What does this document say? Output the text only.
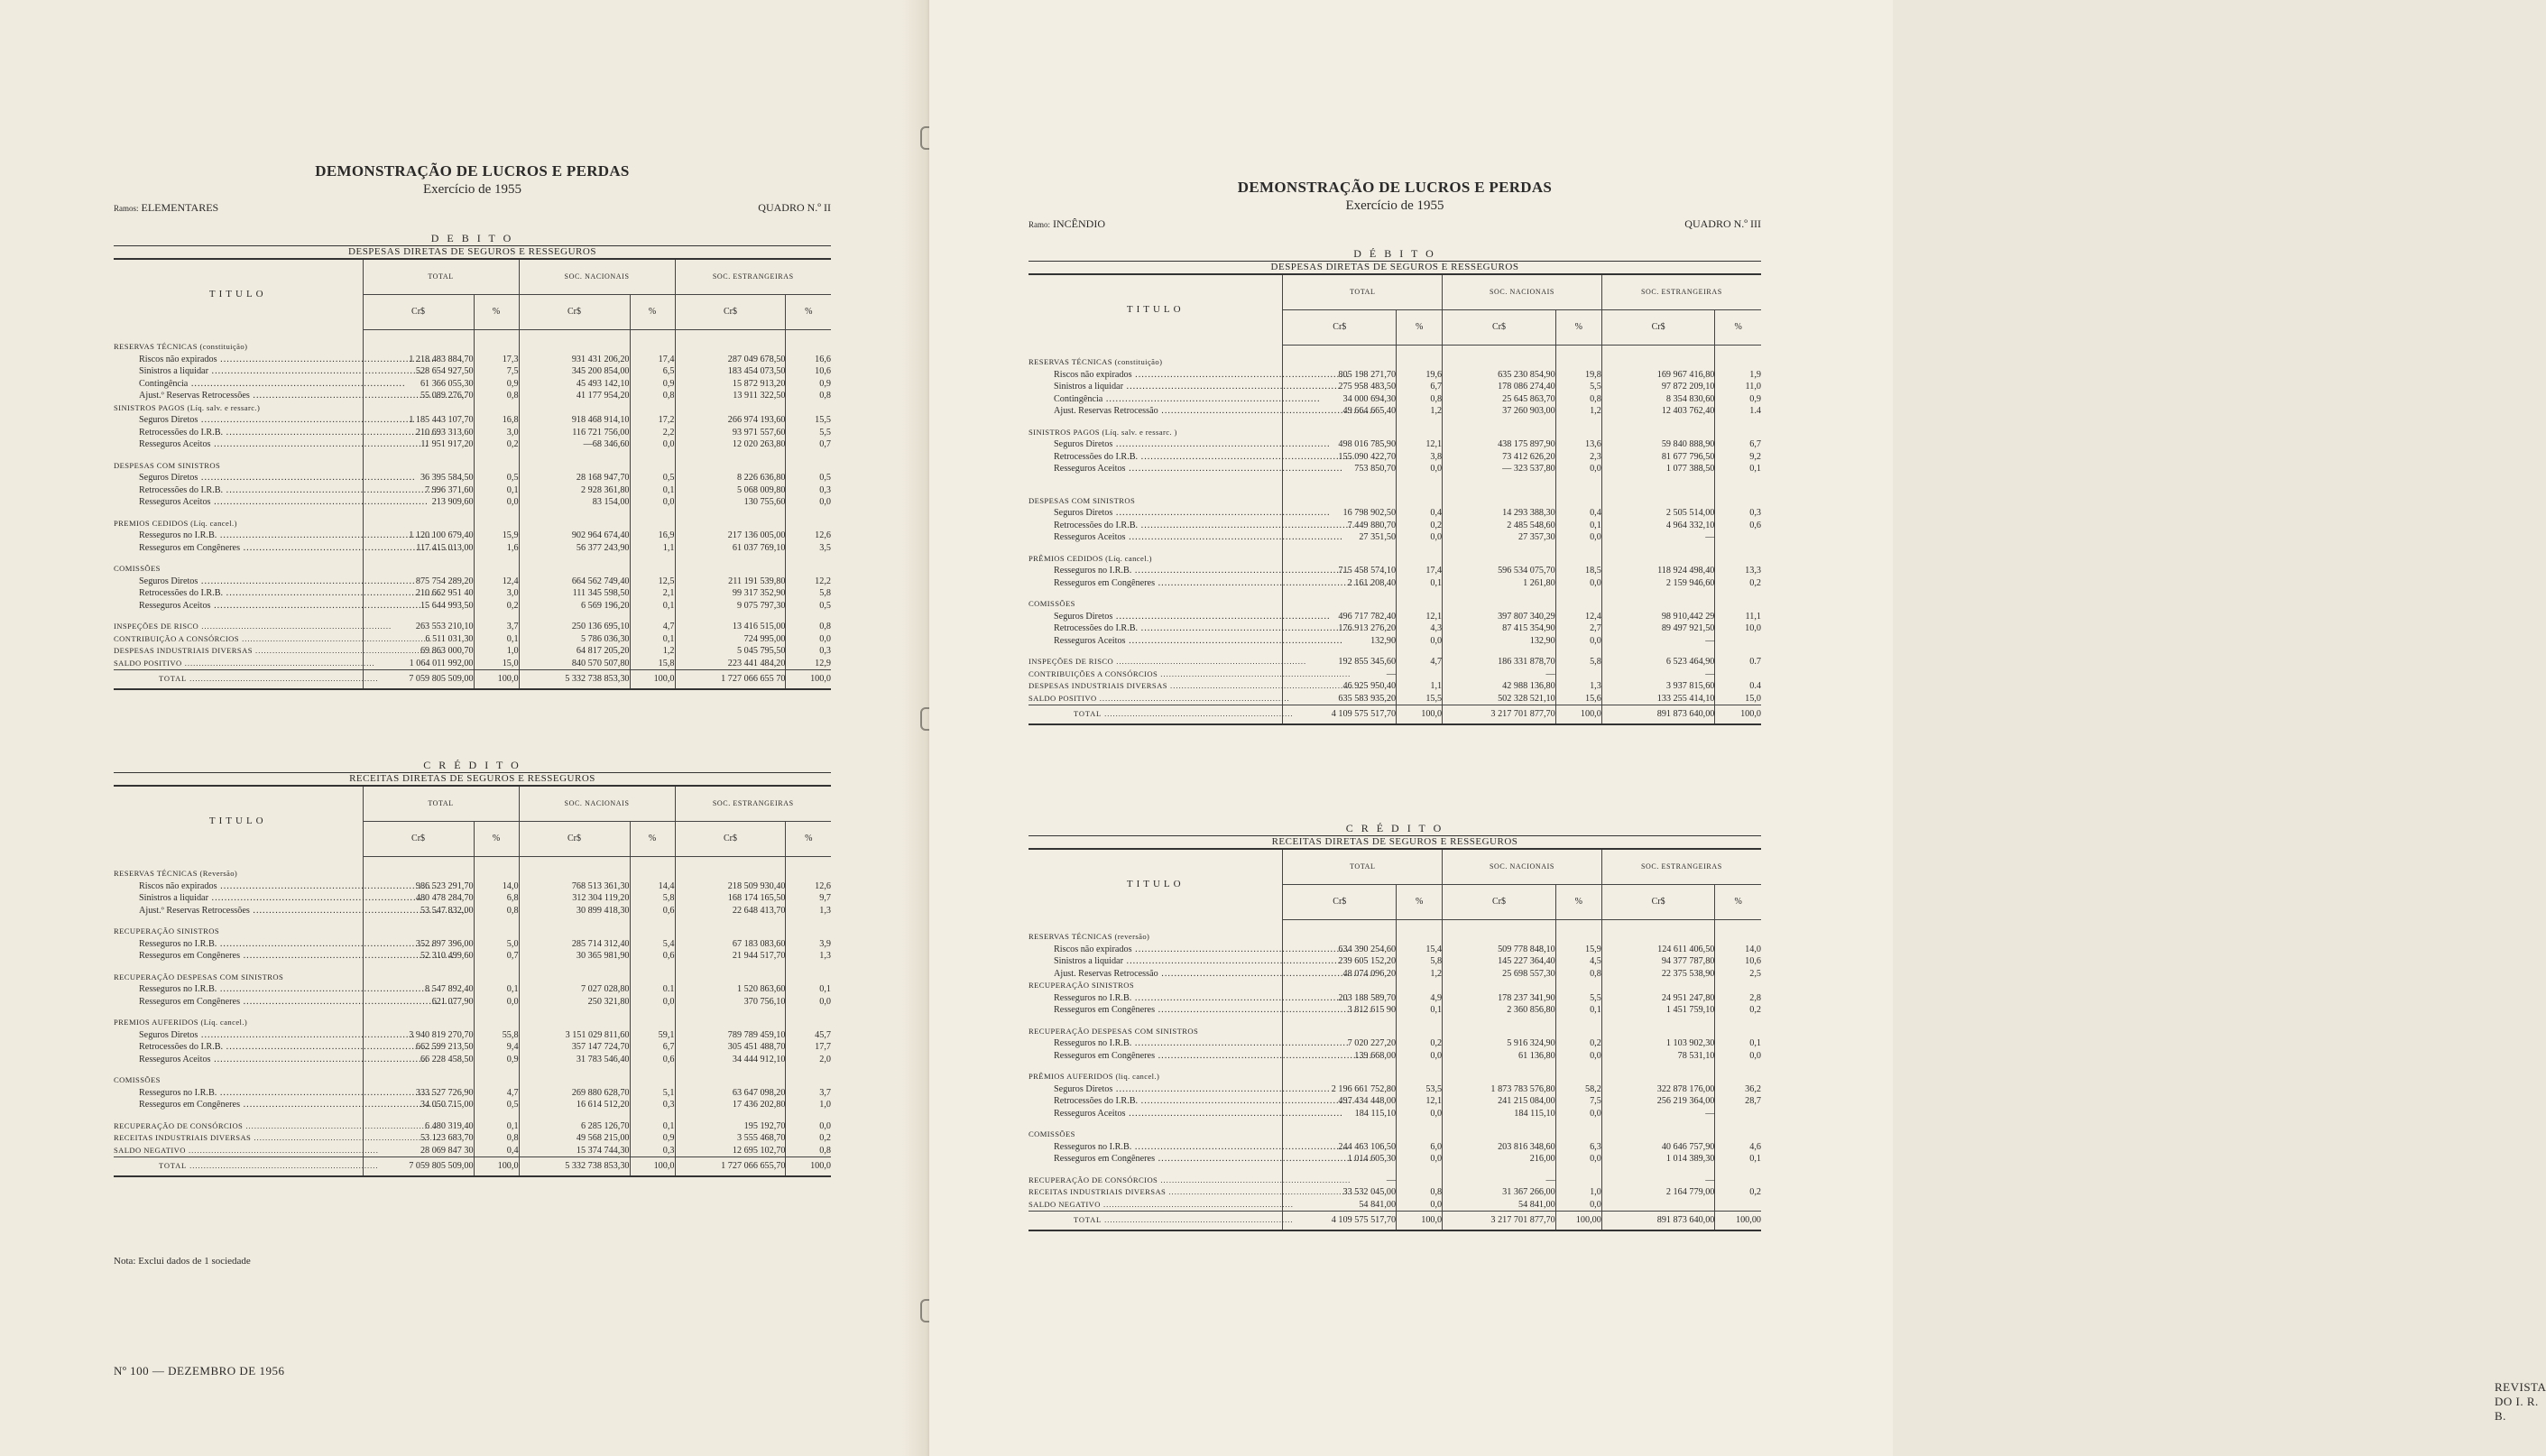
DEMONSTRAÇÃO DE LUCROS E PERDAS
Exercício de 1955
Ramos: ELEMENTARES	QUADRO N.º II
D E B I T O						
DESPESAS DIRETAS DE SEGUROS E RESSEGUROS						
TITULO	TOTAL		SOC. NACIONAIS		SOC. ESTRANGEIRAS	
	Cr$	%	Cr$	%	Cr$	%

RESERVAS TÉCNICAS (constituição)						
Riscos não expirados .....	1 218 483 884,70	17,3	931 431 206,20	17,4	287 049 678,50	16,6
Sinistros a liquidar .....	528 654 927,50	7,5	345 200 854,00	6,5	183 454 073,50	10,6
Contingência .....	61 366 055,30	0,9	45 493 142,10	0,9	15 872 913,20	0,9
Ajust.º Reservas Retrocessões .....	55 089 276,70	0,8	41 177 954,20	0,8	13 911 322,50	0,8
SINISTROS PAGOS (Líq. salv. e ressarc.)						
Seguros Diretos .....	1 185 443 107,70	16,8	918 468 914,10	17,2	266 974 193,60	15,5
Retrocessões do I.R.B. .....	210 693 313,60	3,0	116 721 756,00	2,2	93 971 557,60	5,5
Resseguros Aceitos .....	11 951 917,20	0,2	—68 346,60	0,0	12 020 263,80	0,7

DESPESAS COM SINISTROS						
Seguros Diretos .....	36 395 584,50	0,5	28 168 947,70	0,5	8 226 636,80	0,5
Retrocessões do I.R.B. .....	7 996 371,60	0,1	2 928 361,80	0,1	5 068 009,80	0,3
Resseguros Aceitos .....	213 909,60	0,0	83 154,00	0,0	130 755,60	0,0

PREMIOS CEDIDOS (Líq. cancel.)						
Resseguros no I.R.B. .....	1 120 100 679,40	15,9	902 964 674,40	16,9	217 136 005,00	12,6
Resseguros em Congêneres .....	117 415 013,00	1,6	56 377 243,90	1,1	61 037 769,10	3,5

COMISSÕES						
Seguros Diretos .....	875 754 289,20	12,4	664 562 749,40	12,5	211 191 539,80	12,2
Retrocessões do I.R.B. .....	210 662 951 40	3,0	111 345 598,50	2,1	99 317 352,90	5,8
Resseguros Aceitos .....	15 644 993,50	0,2	6 569 196,20	0,1	9 075 797,30	0,5

INSPEÇÕES DE RISCO .....	263 553 210,10	3,7	250 136 695,10	4,7	13 416 515,00	0,8
CONTRIBUIÇÃO A CONSÓRCIOS .....	6 511 031,30	0,1	5 786 036,30	0,1	724 995,00	0,0
DESPESAS INDUSTRIAIS DIVERSAS .....	69 863 000,70	1,0	64 817 205,20	1,2	5 045 795,50	0,3
SALDO POSITIVO .....	1 064 011 992,00	15,0	840 570 507,80	15,8	223 441 484,20	12,9
TOTAL .....	7 059 805 509,00	100,0	5 332 738 853,30	100,0	1 727 066 655 70	100,0
C R É D I T O						
RECEITAS DIRETAS DE SEGUROS E RESSEGUROS						
TITULO	TOTAL		SOC. NACIONAIS		SOC. ESTRANGEIRAS	
	Cr$	%	Cr$	%	Cr$	%

RESERVAS TÉCNICAS (Reversão)						
Riscos não expirados .....	986 523 291,70	14,0	768 513 361,30	14,4	218 509 930,40	12,6
Sinistros a liquidar .....	480 478 284,70	6,8	312 304 119,20	5,8	168 174 165,50	9,7
Ajust.º Reservas Retrocessões .....	53 547 832,00	0,8	30 899 418,30	0,6	22 648 413,70	1,3

RECUPERAÇÃO SINISTROS						
Resseguros no I.R.B. .....	352 897 396,00	5,0	285 714 312,40	5,4	67 183 083,60	3,9
Resseguros em Congêneres .....	52 310 499,60	0,7	30 365 981,90	0,6	21 944 517,70	1,3

RECUPERAÇÃO DESPESAS COM SINISTROS						
Resseguros no I.R.B. .....	8 547 892,40	0,1	7 027 028,80	0.1	1 520 863,60	0,1
Resseguros em Congêneres .....	621 077,90	0,0	250 321,80	0,0	370 756,10	0,0

PREMIOS AUFERIDOS (Líq. cancel.)						
Seguros Diretos .....	3 940 819 270,70	55,8	3 151 029 811,60	59,1	789 789 459,10	45,7
Retrocessões do I.R.B. .....	662 599 213,50	9,4	357 147 724,70	6,7	305 451 488,70	17,7
Resseguros Aceitos .....	66 228 458,50	0,9	31 783 546,40	0,6	34 444 912,10	2,0

COMISSÕES						
Resseguros no I.R.B. .....	333 527 726,90	4,7	269 880 628,70	5,1	63 647 098,20	3,7
Resseguros em Congêneres .....	34 050 715,00	0,5	16 614 512,20	0,3	17 436 202,80	1,0

RECUPERAÇÃO DE CONSÓRCIOS .....	6 480 319,40	0,1	6 285 126,70	0,1	195 192,70	0,0
RECEITAS INDUSTRIAIS DIVERSAS .....	53 123 683,70	0,8	49 568 215,00	0,9	3 555 468,70	0,2
SALDO NEGATIVO .....	28 069 847 30	0,4	15 374 744,30	0,3	12 695 102,70	0,8
TOTAL .....	7 059 805 509,00	100,0	5 332 738 853,30	100,0	1 727 066 655,70	100,0
Nota: Exclui dados de 1 sociedade
Nº 100 — DEZEMBRO DE 1956
DEMONSTRAÇÃO DE LUCROS E PERDAS
Exercício de 1955
Ramo: INCÊNDIO	QUADRO N.º III
D É B I T O						
DESPESAS DIRETAS DE SEGUROS E RESSEGUROS						
TITULO	TOTAL		SOC. NACIONAIS		SOC. ESTRANGEIRAS	
	Cr$	%	Cr$	%	Cr$	%

RESERVAS TÉCNICAS (constituição)						
Riscos não expirados .....	805 198 271,70	19,6	635 230 854,90	19,8	169 967 416,80	1,9
Sinistros a liquidar .....	275 958 483,50	6,7	178 086 274,40	5,5	97 872 209,10	11,0
Contingência .....	34 000 694,30	0,8	25 645 863,70	0,8	8 354 830,60	0,9
Ajust. Reservas Retrocessão .....	49 664 665,40	1,2	37 260 903,00	1,2	12 403 762,40	1.4

SINISTROS PAGOS (Líq. salv. e ressarc. )						
Seguros Diretos .....	498 016 785,90	12,1	438 175 897,90	13,6	59 840 888,90	6,7
Retrocessões do I.R.B. .....	155 090 422,70	3,8	73 412 626,20	2,3	81 677 796,50	9,2
Resseguros Aceitos .....	753 850,70	0,0	— 323 537,80	0,0	1 077 388,50	0,1

DESPESAS COM SINISTROS						
Seguros Diretos .....	16 798 902,50	0,4	14 293 388,30	0,4	2 505 514,00	0,3
Retrocessões do I.R.B. .....	7 449 880,70	0,2	2 485 548,60	0,1	4 964 332,10	0,6
Resseguros Aceitos .....	27 351,50	0,0	27 357,30	0,0	—	

PRÊMIOS CEDIDOS (Líq. cancel.)						
Resseguros no I.R.B. .....	715 458 574,10	17,4	596 534 075,70	18,5	118 924 498,40	13,3
Resseguros em Congêneres .....	2 161 208,40	0,1	1 261,80	0,0	2 159 946,60	0,2

COMISSÕES						
Seguros Diretos .....	496 717 782,40	12,1	397 807 340,29	12,4	98 910,442 29	11,1
Retrocessões do I.R.B. .....	176 913 276,20	4,3	87 415 354,90	2,7	89 497 921,50	10,0
Resseguros Aceitos .....	132,90	0,0	132,90	0,0	—	

INSPEÇÕES DE RISCO .....	192 855 345,60	4,7	186 331 878,70	5,8	6 523 464,90	0.7
CONTRIBUIÇÕES A CONSÓRCIOS .....	—		—		—	
DESPESAS INDUSTRIAIS DIVERSAS .....	46 925 950,40	1,1	42 988 136,80	1,3	3 937 815,60	0.4
SALDO POSITIVO .....	635 583 935,20	15,5	502 328 521,10	15,6	133 255 414,10	15,0
TOTAL .....	4 109 575 517,70	100,0	3 217 701 877,70	100,0	891 873 640,00	100,0
C R É D I T O						
RECEITAS DIRETAS DE SEGUROS E RESSEGUROS						
TITULO	TOTAL		SOC. NACIONAIS		SOC. ESTRANGEIRAS	
	Cr$	%	Cr$	%	Cr$	%

RESERVAS TÉCNICAS (reversão)						
Riscos não expirados .....	634 390 254,60	15,4	509 778 848,10	15,9	124 611 406,50	14,0
Sinistros a liquidar .....	239 605 152,20	5,8	145 227 364,40	4,5	94 377 787,80	10,6
Ajust. Reservas Retrocessão .....	48 074 096,20	1,2	25 698 557,30	0,8	22 375 538,90	2,5
RECUPERAÇÃO SINISTROS						
Resseguros no I.R.B. .....	203 188 589,70	4,9	178 237 341,90	5,5	24 951 247,80	2,8
Resseguros em Congêneres .....	3 812 615 90	0,1	2 360 856,80	0,1	1 451 759,10	0,2

RECUPERAÇÃO DESPESAS COM SINISTROS						
Resseguros no I.R.B. .....	7 020 227,20	0,2	5 916 324,90	0,2	1 103 902,30	0,1
Resseguros em Congêneres .....	139 668,00	0,0	61 136,80	0,0	78 531,10	0,0

PRÊMIOS AUFERIDOS (liq. cancel.)						
Seguros Diretos .....	2 196 661 752,80	53,5	1 873 783 576,80	58,2	322 878 176,00	36,2
Retrocessões do I.R.B. .....	497 434 448,00	12,1	241 215 084,00	7,5	256 219 364,00	28,7
Resseguros Aceitos .....	184 115,10	0,0	184 115,10	0,0	—	

COMISSÕES						
Resseguros no I.R.B. .....	244 463 106,50	6,0	203 816 348,60	6,3	40 646 757,90	4,6
Resseguros em Congêneres .....	1 014 605,30	0,0	216,00	0,0	1 014 389,30	0,1

RECUPERAÇÃO DE CONSÓRCIOS .....	—		—		—	
RECEITAS INDUSTRIAIS DIVERSAS .....	33 532 045,00	0,8	31 367 266,00	1,0	2 164 779,00	0,2
SALDO NEGATIVO .....	54 841,00	0,0	54 841,00	0,0		
TOTAL .....	4 109 575 517,70	100,0	3 217 701 877,70	100,00	891 873 640,00	100,00
REVISTA DO I. R. B.
